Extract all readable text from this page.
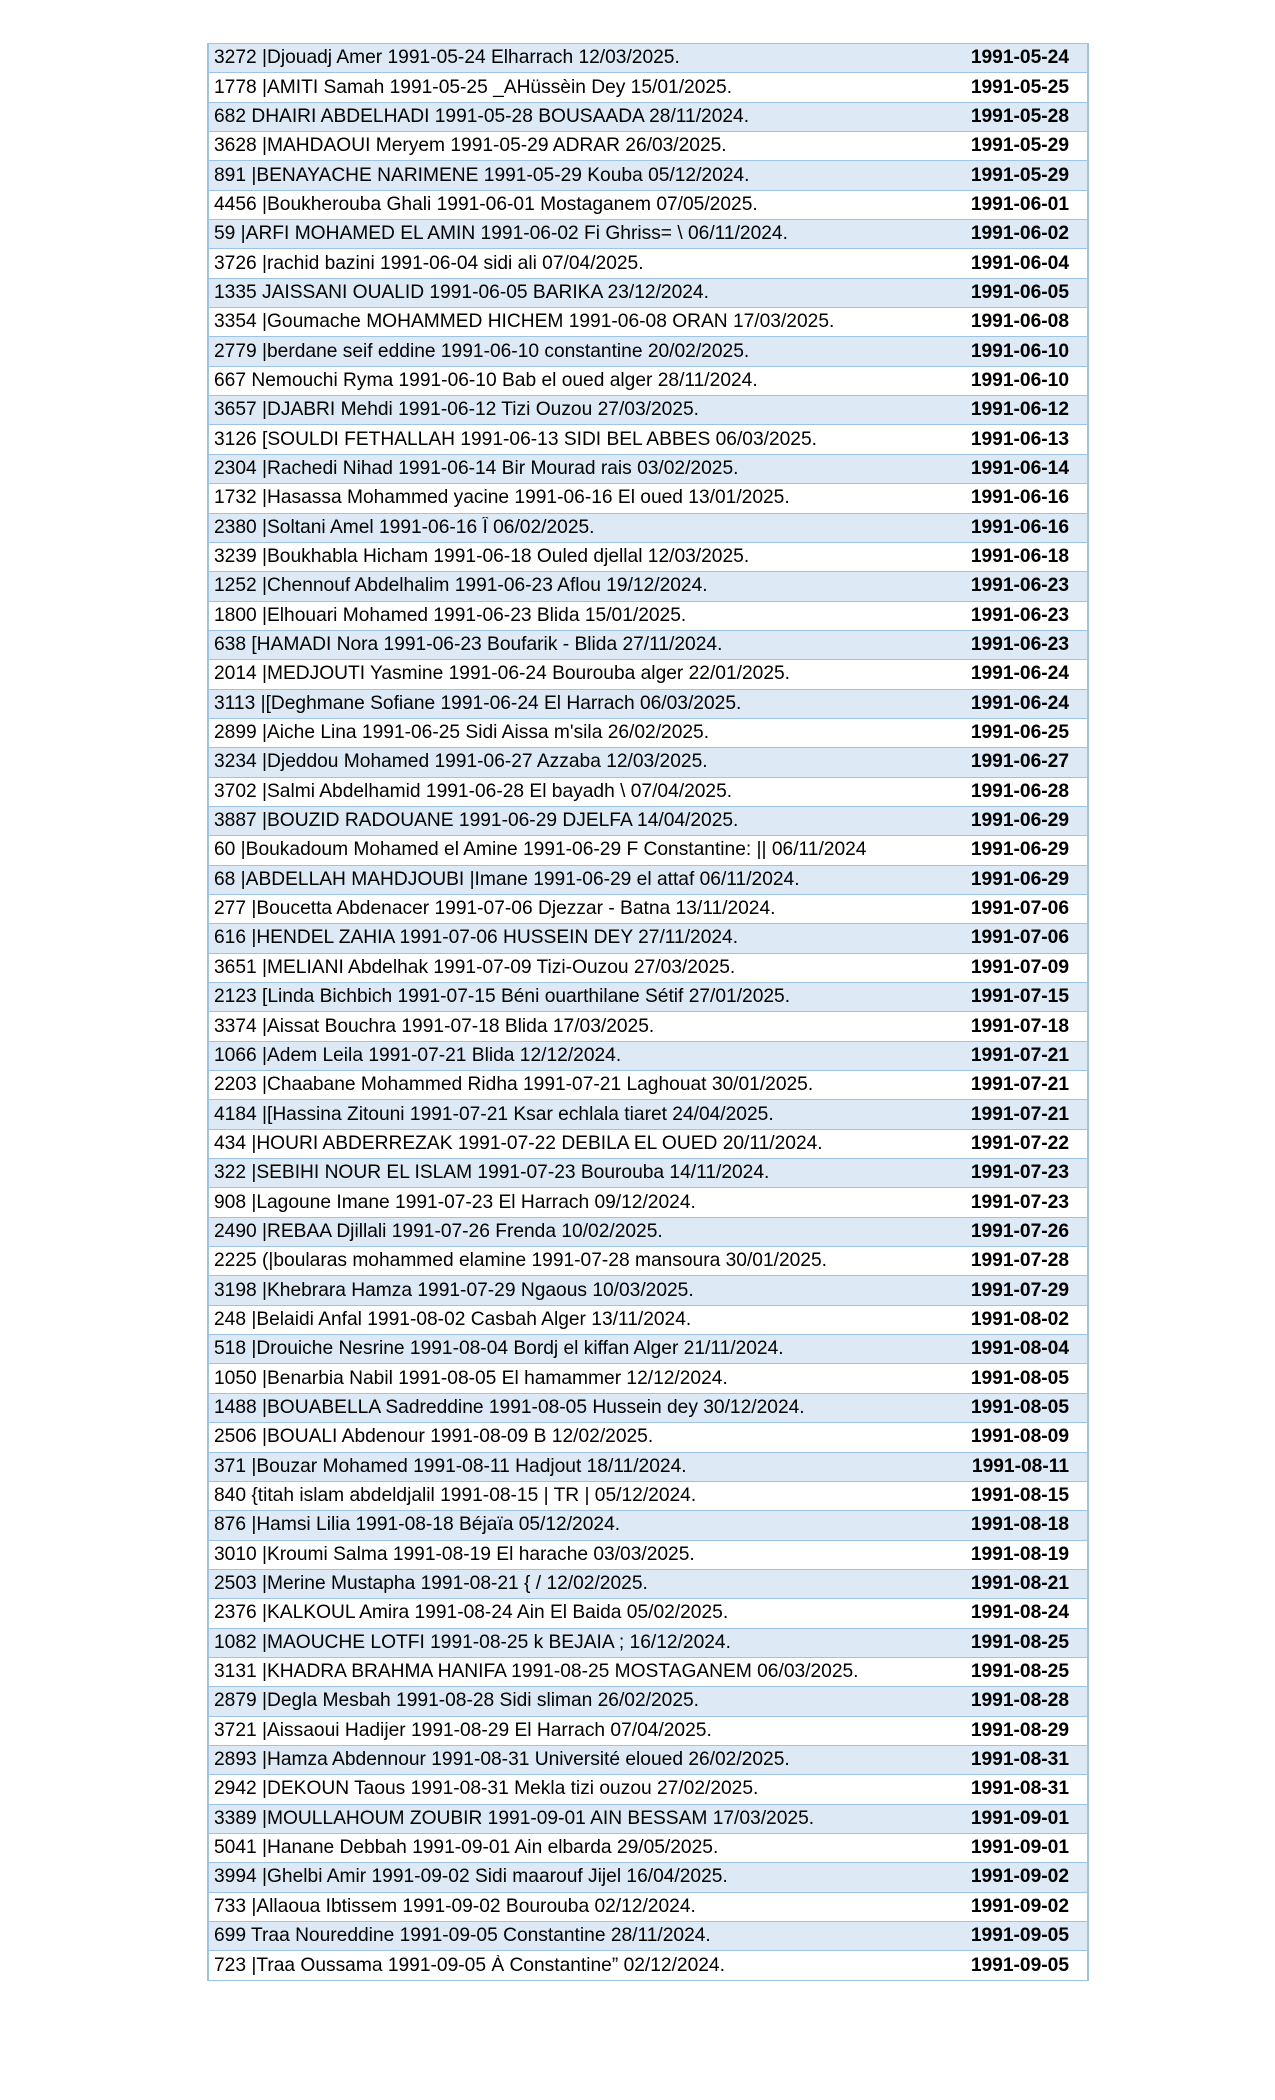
3272 |Djouadj Amer 1991-05-24 Elharrach 12/03/2025.	1991-05-24
1778 |AMITI Samah 1991-05-25 _AHüssèin Dey 15/01/2025.	1991-05-25
682 DHAIRI ABDELHADI 1991-05-28 BOUSAADA 28/11/2024.	1991-05-28
3628 |MAHDAOUI Meryem 1991-05-29 ADRAR 26/03/2025.	1991-05-29
891 |BENAYACHE NARIMENE 1991-05-29 Kouba 05/12/2024.	1991-05-29
4456 |Boukherouba Ghali 1991-06-01 Mostaganem 07/05/2025.	1991-06-01
59 |ARFI MOHAMED EL AMIN 1991-06-02 Fi Ghriss= \ 06/11/2024.	1991-06-02
3726 |rachid bazini 1991-06-04 sidi ali 07/04/2025.	1991-06-04
1335 JAISSANI OUALID 1991-06-05 BARIKA 23/12/2024.	1991-06-05
3354 |Goumache MOHAMMED HICHEM 1991-06-08 ORAN 17/03/2025.	1991-06-08
2779 |berdane seif eddine 1991-06-10 constantine 20/02/2025.	1991-06-10
667 Nemouchi Ryma 1991-06-10 Bab el oued alger 28/11/2024.	1991-06-10
3657 |DJABRI Mehdi 1991-06-12 Tizi Ouzou 27/03/2025.	1991-06-12
3126 [SOULDI FETHALLAH 1991-06-13 SIDI BEL ABBES 06/03/2025.	1991-06-13
2304 |Rachedi Nihad 1991-06-14 Bir Mourad rais 03/02/2025.	1991-06-14
1732 |Hasassa Mohammed yacine 1991-06-16 El oued 13/01/2025.	1991-06-16
2380 |Soltani Amel 1991-06-16 Î 06/02/2025.	1991-06-16
3239 |Boukhabla Hicham 1991-06-18 Ouled djellal 12/03/2025.	1991-06-18
1252 |Chennouf Abdelhalim 1991-06-23 Aflou 19/12/2024.	1991-06-23
1800 |Elhouari Mohamed 1991-06-23 Blida 15/01/2025.	1991-06-23
638 [HAMADI Nora 1991-06-23 Boufarik - Blida 27/11/2024.	1991-06-23
2014 |MEDJOUTI Yasmine 1991-06-24 Bourouba alger 22/01/2025.	1991-06-24
3113 |[Deghmane Sofiane 1991-06-24 El Harrach 06/03/2025.	1991-06-24
2899 |Aiche Lina 1991-06-25 Sidi Aissa m'sila 26/02/2025.	1991-06-25
3234 |Djeddou Mohamed 1991-06-27 Azzaba 12/03/2025.	1991-06-27
3702 |Salmi Abdelhamid 1991-06-28 El bayadh \ 07/04/2025.	1991-06-28
3887 |BOUZID RADOUANE 1991-06-29 DJELFA 14/04/2025.	1991-06-29
60 |Boukadoum Mohamed el Amine 1991-06-29 F Constantine: || 06/11/2024	1991-06-29
68 |ABDELLAH MAHDJOUBI |Imane 1991-06-29 el attaf 06/11/2024.	1991-06-29
277 |Boucetta Abdenacer 1991-07-06 Djezzar - Batna 13/11/2024.	1991-07-06
616 |HENDEL ZAHIA 1991-07-06 HUSSEIN DEY 27/11/2024.	1991-07-06
3651 |MELIANI Abdelhak 1991-07-09 Tizi-Ouzou 27/03/2025.	1991-07-09
2123 [Linda Bichbich 1991-07-15 Béni ouarthilane Sétif 27/01/2025.	1991-07-15
3374 |Aissat Bouchra 1991-07-18 Blida 17/03/2025.	1991-07-18
1066 |Adem Leila 1991-07-21 Blida 12/12/2024.	1991-07-21
2203 |Chaabane Mohammed Ridha 1991-07-21 Laghouat 30/01/2025.	1991-07-21
4184 |[Hassina Zitouni 1991-07-21 Ksar echlala tiaret 24/04/2025.	1991-07-21
434 |HOURI ABDERREZAK 1991-07-22 DEBILA EL OUED 20/11/2024.	1991-07-22
322 |SEBIHI NOUR EL ISLAM 1991-07-23 Bourouba 14/11/2024.	1991-07-23
908 |Lagoune Imane 1991-07-23 El Harrach 09/12/2024.	1991-07-23
2490 |REBAA Djillali 1991-07-26 Frenda 10/02/2025.	1991-07-26
2225 (|boularas mohammed elamine 1991-07-28 mansoura 30/01/2025.	1991-07-28
3198 |Khebrara Hamza 1991-07-29 Ngaous 10/03/2025.	1991-07-29
248 |Belaidi Anfal 1991-08-02 Casbah Alger 13/11/2024.	1991-08-02
518 |Drouiche Nesrine 1991-08-04 Bordj el kiffan Alger 21/11/2024.	1991-08-04
1050 |Benarbia Nabil 1991-08-05 El hamammer 12/12/2024.	1991-08-05
1488 |BOUABELLA Sadreddine 1991-08-05 Hussein dey 30/12/2024.	1991-08-05
2506 |BOUALI Abdenour 1991-08-09 B 12/02/2025.	1991-08-09
371 |Bouzar Mohamed 1991-08-11 Hadjout 18/11/2024.	1991-08-11
840 {titah islam abdeldjalil 1991-08-15 | TR | 05/12/2024.	1991-08-15
876 |Hamsi Lilia 1991-08-18 Béjaïa 05/12/2024.	1991-08-18
3010 |Kroumi Salma 1991-08-19 El harache 03/03/2025.	1991-08-19
2503 |Merine Mustapha 1991-08-21 { / 12/02/2025.	1991-08-21
2376 |KALKOUL Amira 1991-08-24 Ain El Baida 05/02/2025.	1991-08-24
1082 |MAOUCHE LOTFI 1991-08-25 k BEJAIA ; 16/12/2024.	1991-08-25
3131 |KHADRA BRAHMA HANIFA 1991-08-25 MOSTAGANEM 06/03/2025.	1991-08-25
2879 |Degla Mesbah 1991-08-28 Sidi sliman 26/02/2025.	1991-08-28
3721 |Aissaoui Hadijer 1991-08-29 El Harrach 07/04/2025.	1991-08-29
2893 |Hamza Abdennour 1991-08-31 Université eloued 26/02/2025.	1991-08-31
2942 |DEKOUN Taous 1991-08-31 Mekla tizi ouzou 27/02/2025.	1991-08-31
3389 |MOULLAHOUM ZOUBIR 1991-09-01 AIN BESSAM 17/03/2025.	1991-09-01
5041 |Hanane Debbah 1991-09-01 Ain elbarda 29/05/2025.	1991-09-01
3994 |Ghelbi Amir 1991-09-02 Sidi maarouf Jijel 16/04/2025.	1991-09-02
733 |Allaoua Ibtissem 1991-09-02 Bourouba 02/12/2024.	1991-09-02
699 Traa Noureddine 1991-09-05 Constantine 28/11/2024.	1991-09-05
723 |Traa Oussama 1991-09-05 À Constantine” 02/12/2024.	1991-09-05
